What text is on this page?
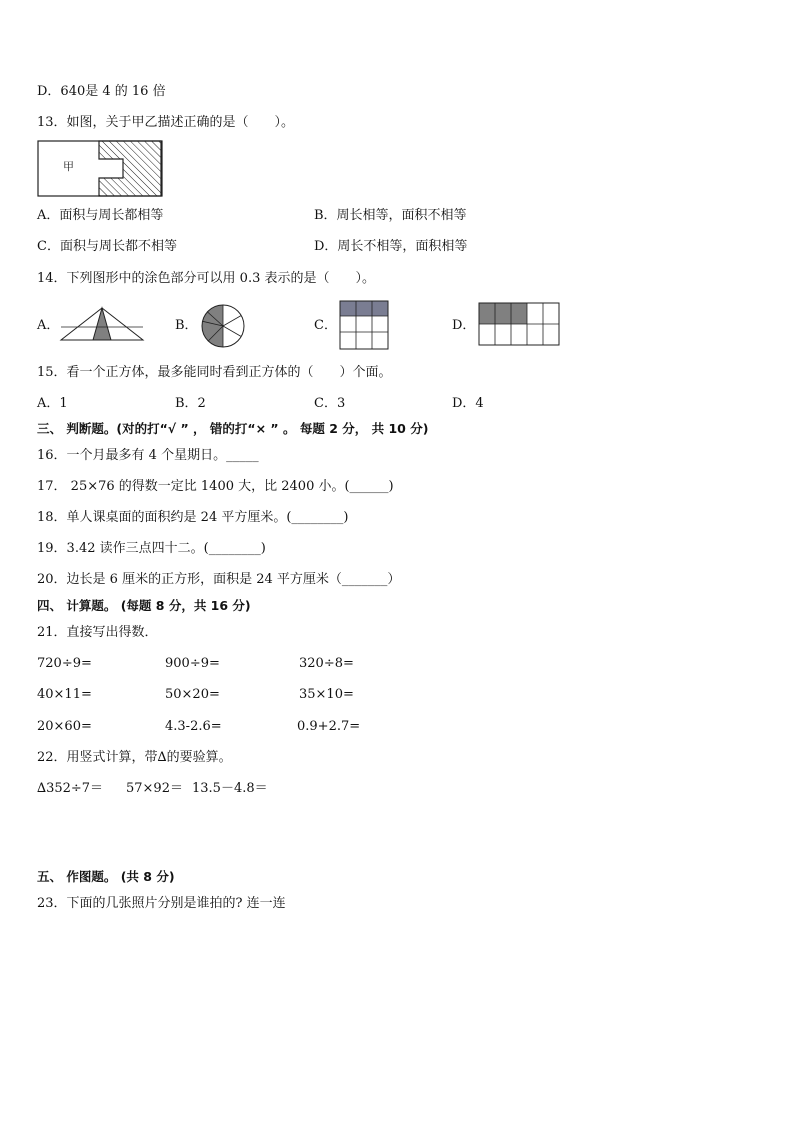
D．640是 4 的 16 倍
13．如图，关于甲乙描述正确的是（　　）。
甲
A．面积与周长都相等	B．周长相等，面积不相等
C．面积与周长都不相等	D．周长不相等，面积相等
14．下列图形中的涂色部分可以用 0.3 表示的是（　　）。
A．	B．	C．	D．
15．看一个正方体，最多能同时看到正方体的（　　）个面。
A．1	B．2	C．3	D．4
三、 判断题。(对的打“√ ” ， 错的打“× ” 。 每题 2 分， 共 10 分)
16．一个月最多有 4 个星期日。_____
17． 25×76 的得数一定比 1400 大，比 2400 小。(______)
18．单人课桌面的面积约是 24 平方厘米。(________)
19．3.42 读作三点四十二。(________)
20．边长是 6 厘米的正方形，面积是 24 平方厘米（_______）
四、 计算题。 (每题 8 分，共 16 分)
21．直接写出得数．
720÷9=	900÷9=	320÷8=
40×11=	50×20=	35×10=
20×60=	4.3-2.6=	0.9+2.7=
22．用竖式计算，带∆的要验算。
∆352÷7＝ 57×92＝ 13.5－4.8＝
五、 作图题。 (共 8 分)
23．下面的几张照片分别是谁拍的? 连一连
